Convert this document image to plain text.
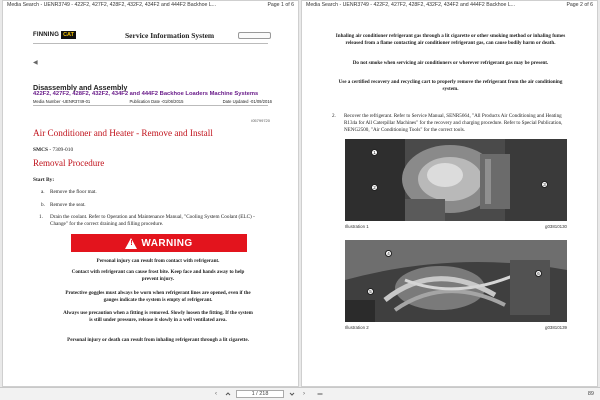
Media Search - UENR3749 - 422F2, 427F2, 428F2, 432F2, 434F2 and 444F2 Backhoe L...	Page 1 of 6
FINNING CAT	Service Information System
◀
Disassembly and Assembly
422F2, 427F2, 428F2, 432F2, 434F2 and 444F2 Backhoe Loaders Machine Systems
Media Number -UENR3749-01	Publication Date -01/06/2015	Date Updated -01/09/2016
i05799720
Air Conditioner and Heater - Remove and Install
SMCS - 7309-010
Removal Procedure
Start By:
a. Remove the floor mat.
b. Remove the seat.
1. Drain the coolant. Refer to Operation and Maintenance Manual, "Cooling System Coolant (ELC) - Change" for the correct draining and filling procedure.
! WARNING
Personal injury can result from contact with refrigerant.
Contact with refrigerant can cause frost bite. Keep face and hands away to help prevent injury.
Protective goggles must always be worn when refrigerant lines are opened, even if the gauges indicate the system is empty of refrigerant.
Always use precaution when a fitting is removed. Slowly loosen the fitting. If the system is still under pressure, release it slowly in a well ventilated area.
Personal injury or death can result from inhaling refrigerant through a lit cigarette.
Media Search - UENR3749 - 422F2, 427F2, 428F2, 432F2, 434F2 and 444F2 Backhoe L...	Page 2 of 6
Inhaling air conditioner refrigerant gas through a lit cigarette or other smoking method or inhaling fumes released from a flame contacting air conditioner refrigerant gas, can cause bodily harm or death.
Do not smoke when servicing air conditioners or wherever refrigerant gas may be present.
Use a certified recovery and recycling cart to properly remove the refrigerant from the air conditioning system.
2. Recover the refrigerant. Refer to Service Manual, SENR5664, "All Products Air Conditioning and Heating R134a for All Caterpillar Machines" for the recovery and charging procedure. Refer to Special Publication, NENG2500, "Air Conditioning Tools" for the correct tools.
1
2
3
Illustration 1	g03810130
4
5
6
Illustration 2	g03810139
‹	1 / 218	›	89
